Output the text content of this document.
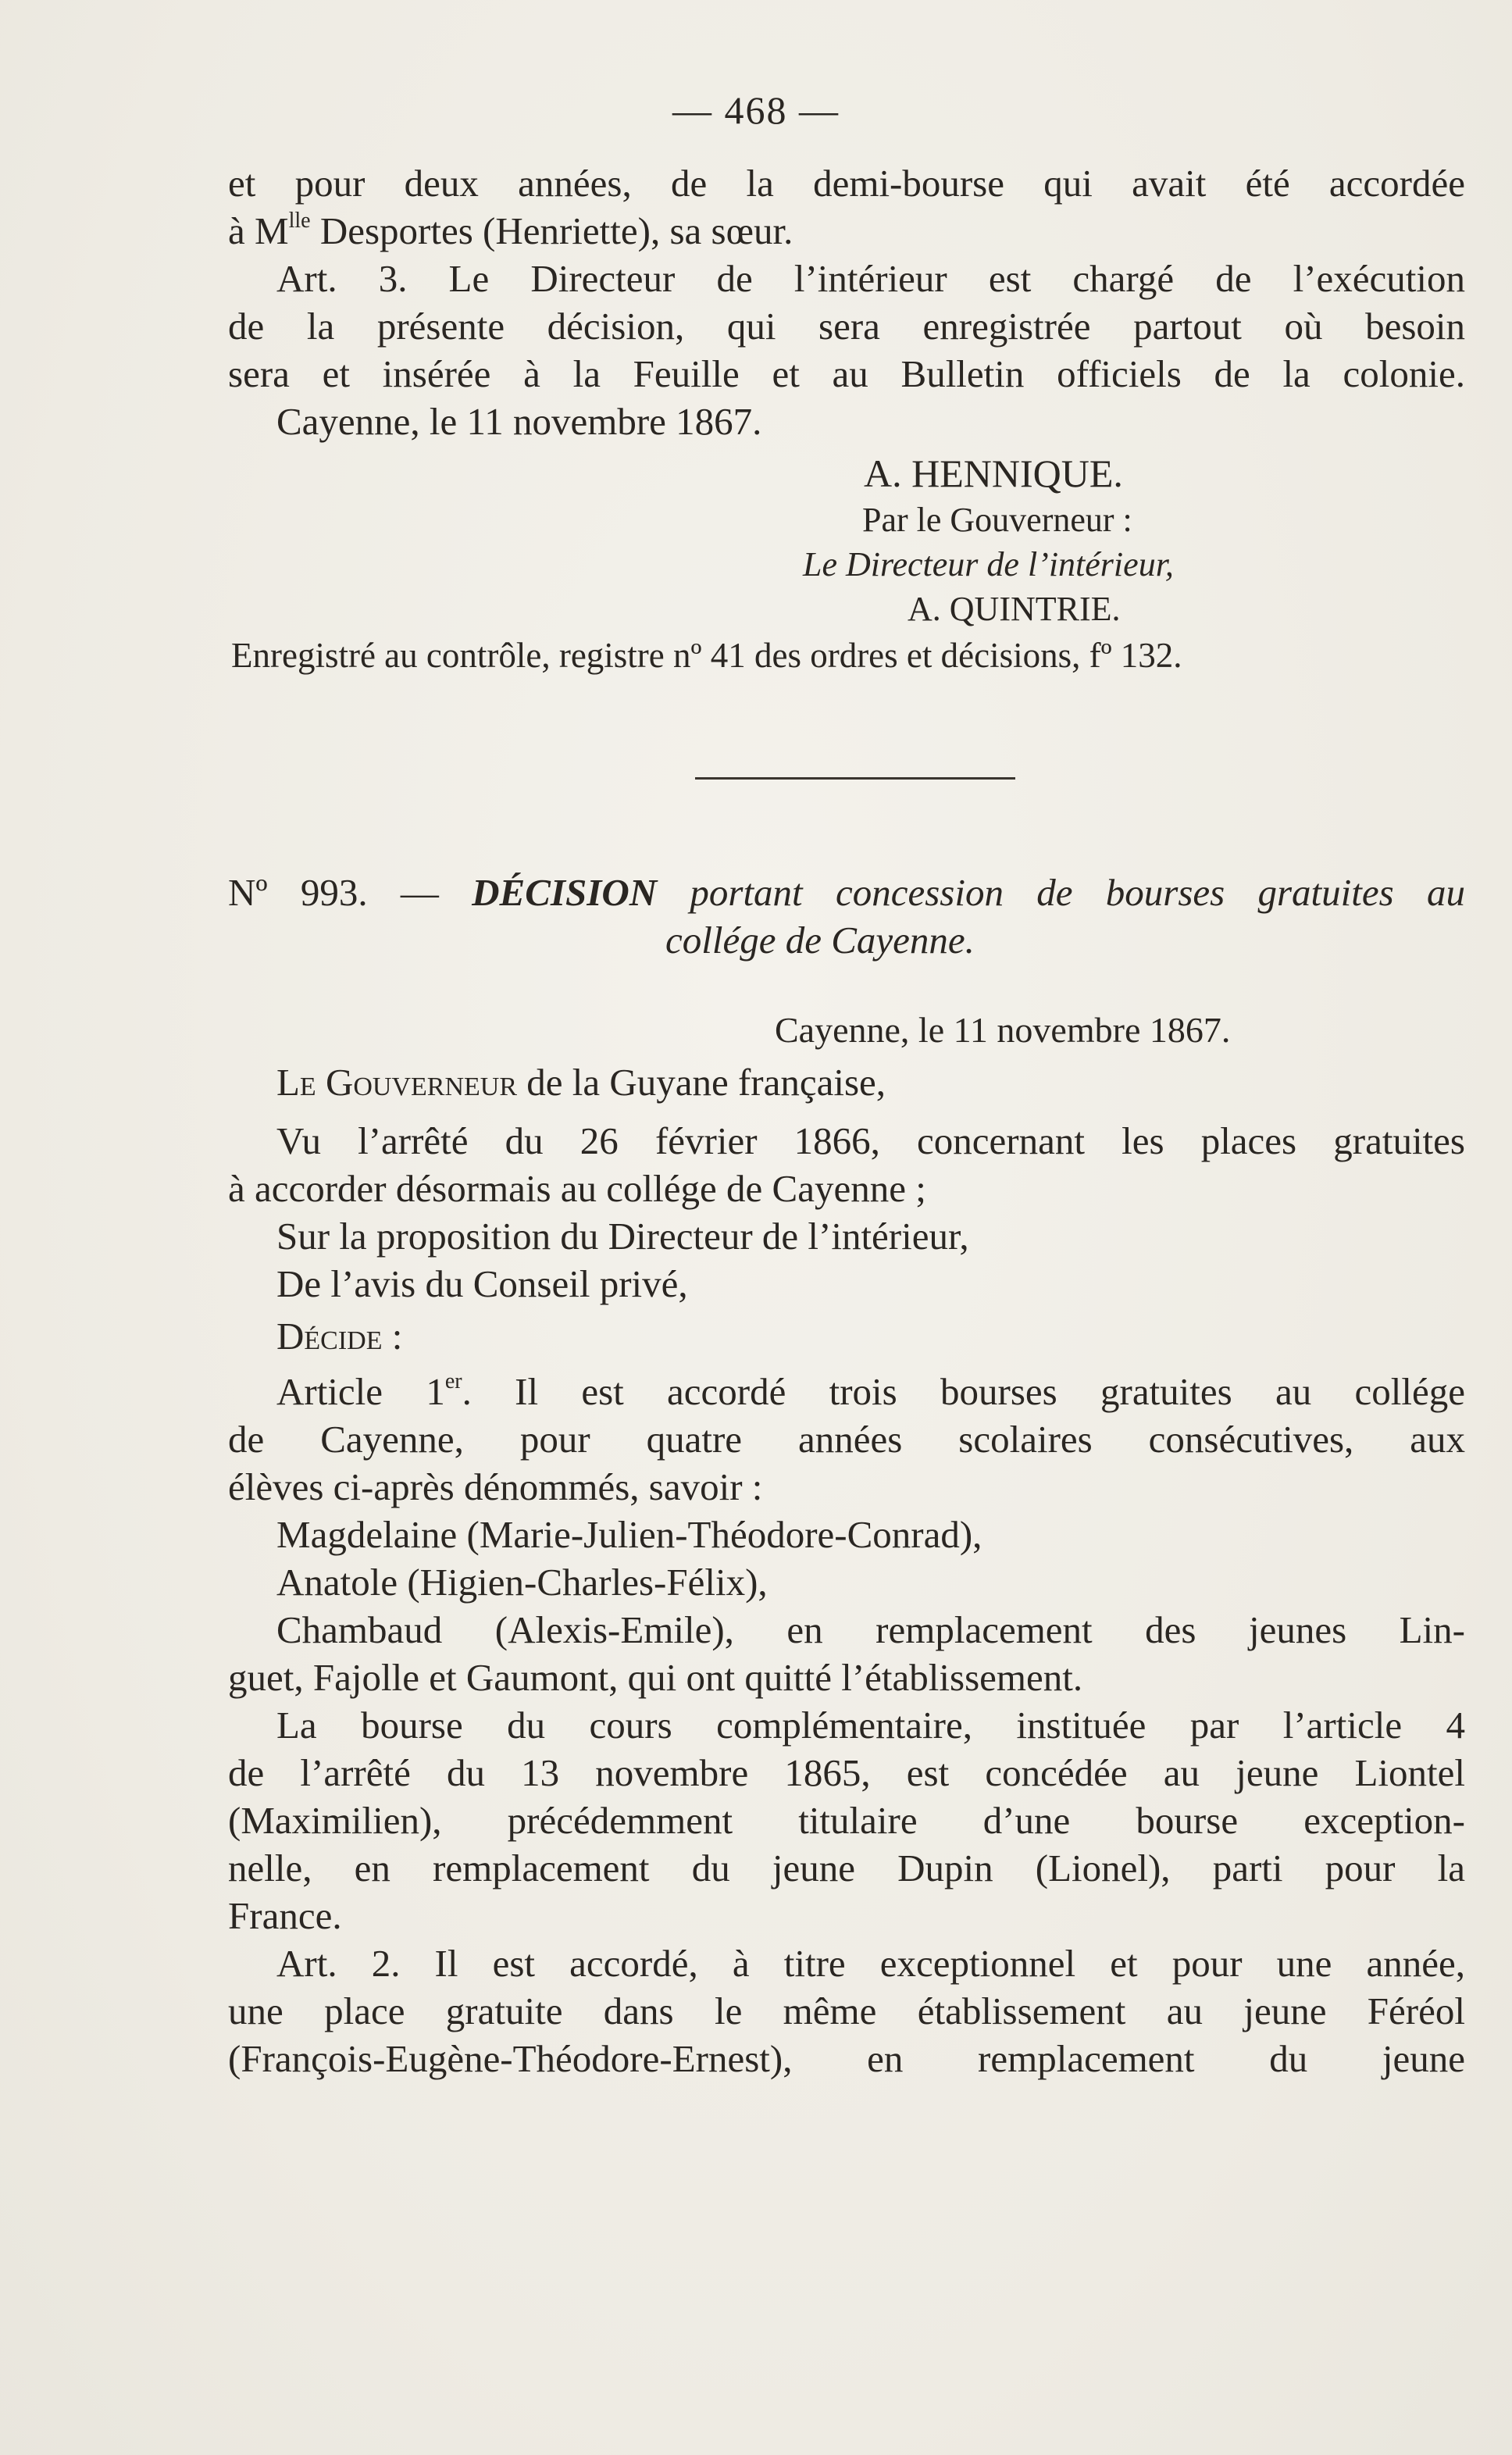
— 468 —
et pour deux années, de la demi-bourse qui avait été accordée
à $M^{lle}$ Desportes (Henriette), sa sœur.
Art. 3. Le Directeur de l’intérieur est chargé de l’exécution
de la présente décision, qui sera enregistrée partout où besoin
sera et insérée à la Feuille et au Bulletin officiels de la colonie.
Cayenne, le 11 novembre 1867.
A. HENNIQUE.
Par le Gouverneur :
Le Directeur de l’intérieur,
A. QUINTRIE.
Enregistré au contrôle, registre nº 41 des ordres et décisions, fº 132.
Nº 993. — DÉCISION portant concession de bourses gratuites au
collége de Cayenne.
Cayenne, le 11 novembre 1867.
Le Gouverneur de la Guyane française,
Vu l’arrêté du 26 février 1866, concernant les places gratuites
à accorder désormais au collége de Cayenne ;
Sur la proposition du Directeur de l’intérieur,
De l’avis du Conseil privé,
Décide :
Article 1er. Il est accordé trois bourses gratuites au collége
de Cayenne, pour quatre années scolaires consécutives, aux
élèves ci-après dénommés, savoir :
Magdelaine (Marie-Julien-Théodore-Conrad),
Anatole (Higien-Charles-Félix),
Chambaud (Alexis-Emile), en remplacement des jeunes Lin-
guet, Fajolle et Gaumont, qui ont quitté l’établissement.
La bourse du cours complémentaire, instituée par l’article 4
de l’arrêté du 13 novembre 1865, est concédée au jeune Liontel
(Maximilien), précédemment titulaire d’une bourse exception-
nelle, en remplacement du jeune Dupin (Lionel), parti pour la
France.
Art. 2. Il est accordé, à titre exceptionnel et pour une année,
une place gratuite dans le même établissement au jeune Féréol
(François-Eugène-Théodore-Ernest), en remplacement du jeune
